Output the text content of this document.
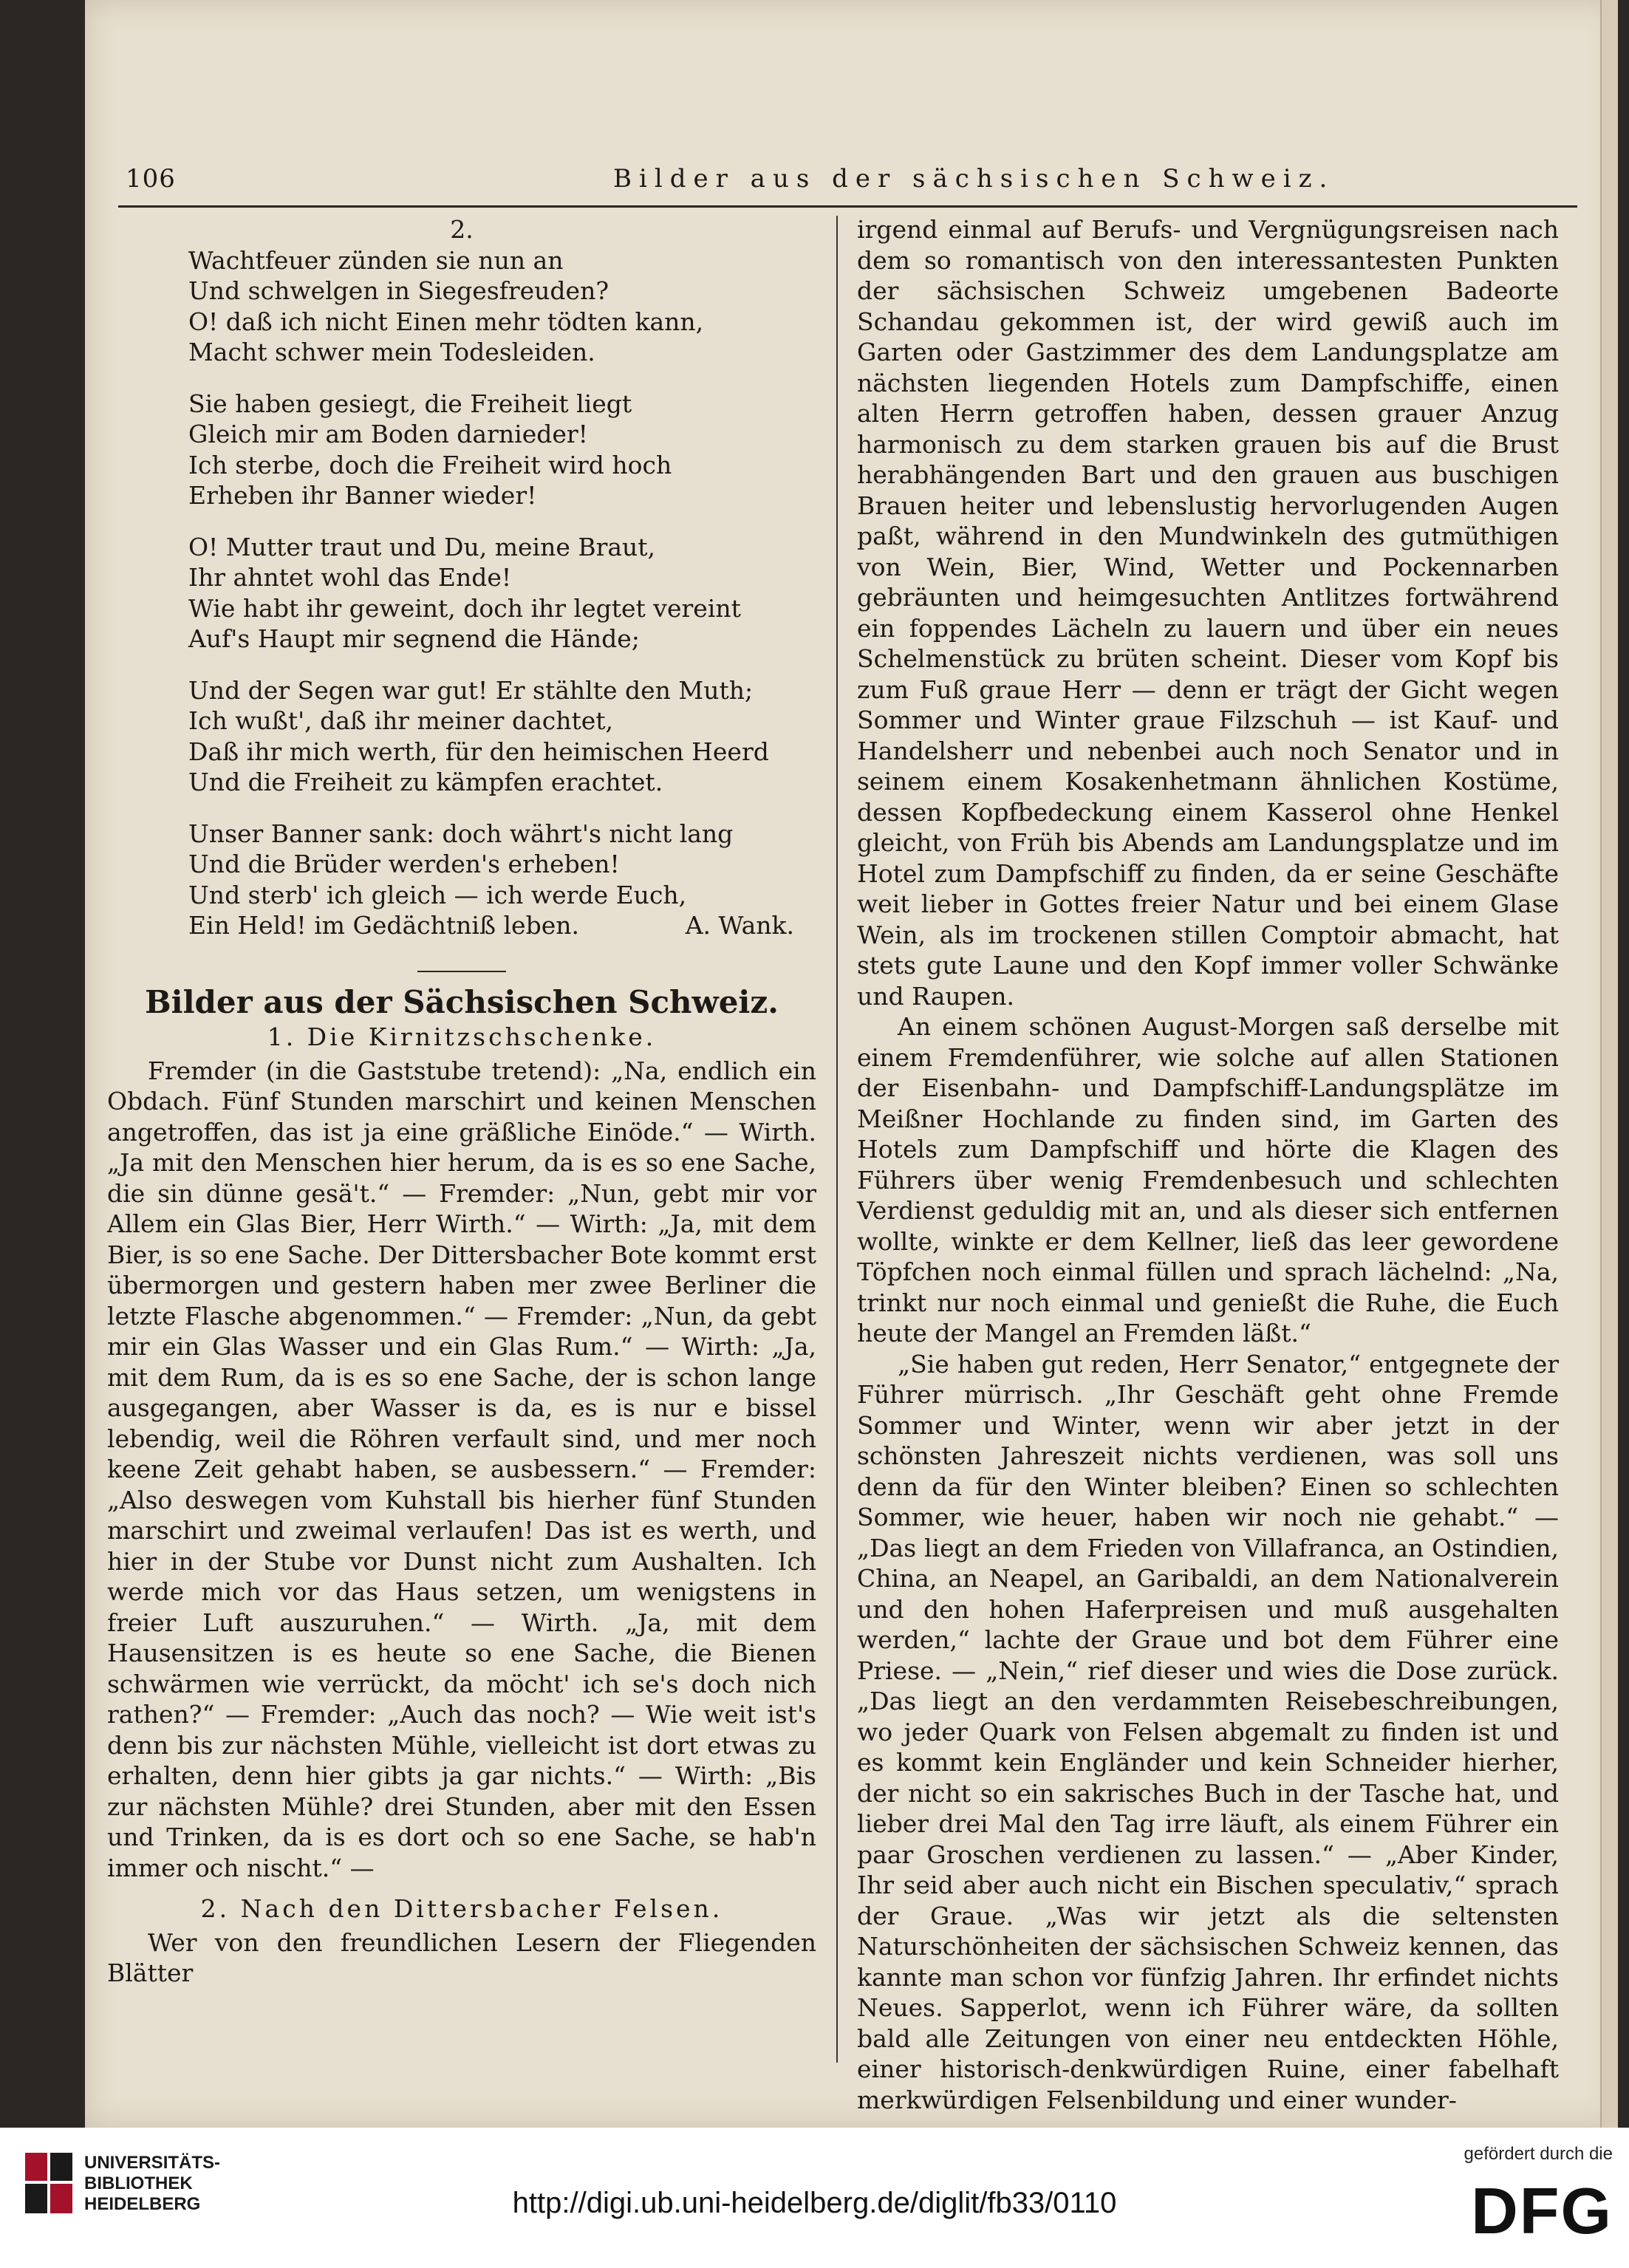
106	Bilder aus der sächsischen Schweiz.
2.
Wachtfeuer zünden sie nun an
Und schwelgen in Siegesfreuden?
O! daß ich nicht Einen mehr tödten kann,
Macht schwer mein Todesleiden.
Sie haben gesiegt, die Freiheit liegt
Gleich mir am Boden darnieder!
Ich sterbe, doch die Freiheit wird hoch
Erheben ihr Banner wieder!
O! Mutter traut und Du, meine Braut,
Ihr ahntet wohl das Ende!
Wie habt ihr geweint, doch ihr legtet vereint
Auf's Haupt mir segnend die Hände;
Und der Segen war gut! Er stählte den Muth;
Ich wußt', daß ihr meiner dachtet,
Daß ihr mich werth, für den heimischen Heerd
Und die Freiheit zu kämpfen erachtet.
Unser Banner sank: doch währt's nicht lang
Und die Brüder werden's erheben!
Und sterb' ich gleich — ich werde Euch,
Ein Held! im Gedächtniß leben.	A. Wank.
Bilder aus der Sächsischen Schweiz.
1. Die Kirnitzschschenke.

Fremder (in die Gaststube tretend): „Na, endlich ein Obdach. Fünf Stunden marschirt und keinen Menschen angetroffen, das ist ja eine gräßliche Einöde.“ — Wirth. „Ja mit den Menschen hier herum, da is es so ene Sache, die sin dünne gesä't.“ — Fremder: „Nun, gebt mir vor Allem ein Glas Bier, Herr Wirth.“ — Wirth: „Ja, mit dem Bier, is so ene Sache. Der Dittersbacher Bote kommt erst übermorgen und gestern haben mer zwee Berliner die letzte Flasche abgenommen.“ — Fremder: „Nun, da gebt mir ein Glas Wasser und ein Glas Rum.“ — Wirth: „Ja, mit dem Rum, da is es so ene Sache, der is schon lange ausgegangen, aber Wasser is da, es is nur e bissel lebendig, weil die Röhren verfault sind, und mer noch keene Zeit gehabt haben, se ausbessern.“ — Fremder: „Also deswegen vom Kuhstall bis hierher fünf Stunden marschirt und zweimal verlaufen! Das ist es werth, und hier in der Stube vor Dunst nicht zum Aushalten. Ich werde mich vor das Haus setzen, um wenigstens in freier Luft auszuruhen.“ — Wirth. „Ja, mit dem Hausensitzen is es heute so ene Sache, die Bienen schwärmen wie verrückt, da möcht' ich se's doch nich rathen?“ — Fremder: „Auch das noch? — Wie weit ist's denn bis zur nächsten Mühle, vielleicht ist dort etwas zu erhalten, denn hier gibts ja gar nichts.“ — Wirth: „Bis zur nächsten Mühle? drei Stunden, aber mit den Essen und Trinken, da is es dort och so ene Sache, se hab'n immer och nischt.“ —

2. Nach den Dittersbacher Felsen.

Wer von den freundlichen Lesern der Fliegenden Blätter

irgend einmal auf Berufs- und Vergnügungsreisen nach dem so romantisch von den interessantesten Punkten der sächsischen Schweiz umgebenen Badeorte Schandau gekommen ist, der wird gewiß auch im Garten oder Gastzimmer des dem Landungsplatze am nächsten liegenden Hotels zum Dampfschiffe, einen alten Herrn getroffen haben, dessen grauer Anzug harmonisch zu dem starken grauen bis auf die Brust herabhängenden Bart und den grauen aus buschigen Brauen heiter und lebenslustig hervorlugenden Augen paßt, während in den Mundwinkeln des gutmüthigen von Wein, Bier, Wind, Wetter und Pockennarben gebräunten und heimgesuchten Antlitzes fortwährend ein foppendes Lächeln zu lauern und über ein neues Schelmenstück zu brüten scheint. Dieser vom Kopf bis zum Fuß graue Herr — denn er trägt der Gicht wegen Sommer und Winter graue Filzschuh — ist Kauf- und Handelsherr und nebenbei auch noch Senator und in seinem einem Kosakenhetmann ähnlichen Kostüme, dessen Kopfbedeckung einem Kasserol ohne Henkel gleicht, von Früh bis Abends am Landungsplatze und im Hotel zum Dampfschiff zu finden, da er seine Geschäfte weit lieber in Gottes freier Natur und bei einem Glase Wein, als im trockenen stillen Comptoir abmacht, hat stets gute Laune und den Kopf immer voller Schwänke und Raupen.

An einem schönen August-Morgen saß derselbe mit einem Fremdenführer, wie solche auf allen Stationen der Eisenbahn- und Dampfschiff-Landungsplätze im Meißner Hochlande zu finden sind, im Garten des Hotels zum Dampfschiff und hörte die Klagen des Führers über wenig Fremdenbesuch und schlechten Verdienst geduldig mit an, und als dieser sich entfernen wollte, winkte er dem Kellner, ließ das leer gewordene Töpfchen noch einmal füllen und sprach lächelnd: „Na, trinkt nur noch einmal und genießt die Ruhe, die Euch heute der Mangel an Fremden läßt.“

„Sie haben gut reden, Herr Senator,“ entgegnete der Führer mürrisch. „Ihr Geschäft geht ohne Fremde Sommer und Winter, wenn wir aber jetzt in der schönsten Jahreszeit nichts verdienen, was soll uns denn da für den Winter bleiben? Einen so schlechten Sommer, wie heuer, haben wir noch nie gehabt.“ — „Das liegt an dem Frieden von Villafranca, an Ostindien, China, an Neapel, an Garibaldi, an dem Nationalverein und den hohen Haferpreisen und muß ausgehalten werden,“ lachte der Graue und bot dem Führer eine Priese. — „Nein,“ rief dieser und wies die Dose zurück. „Das liegt an den verdammten Reisebeschreibungen, wo jeder Quark von Felsen abgemalt zu finden ist und es kommt kein Engländer und kein Schneider hierher, der nicht so ein sakrisches Buch in der Tasche hat, und lieber drei Mal den Tag irre läuft, als einem Führer ein paar Groschen verdienen zu lassen.“ — „Aber Kinder, Ihr seid aber auch nicht ein Bischen speculativ,“ sprach der Graue. „Was wir jetzt als die seltensten Naturschönheiten der sächsischen Schweiz kennen, das kannte man schon vor fünfzig Jahren. Ihr erfindet nichts Neues. Sapperlot, wenn ich Führer wäre, da sollten bald alle Zeitungen von einer neu entdeckten Höhle, einer historisch-denkwürdigen Ruine, einer fabelhaft merkwürdigen Felsenbildung und einer wunder-

UNIVERSITÄTS-
BIBLIOTHEK
HEIDELBERG	http://digi.ub.uni-heidelberg.de/diglit/fb33/0110
gefördert durch die
DFG
